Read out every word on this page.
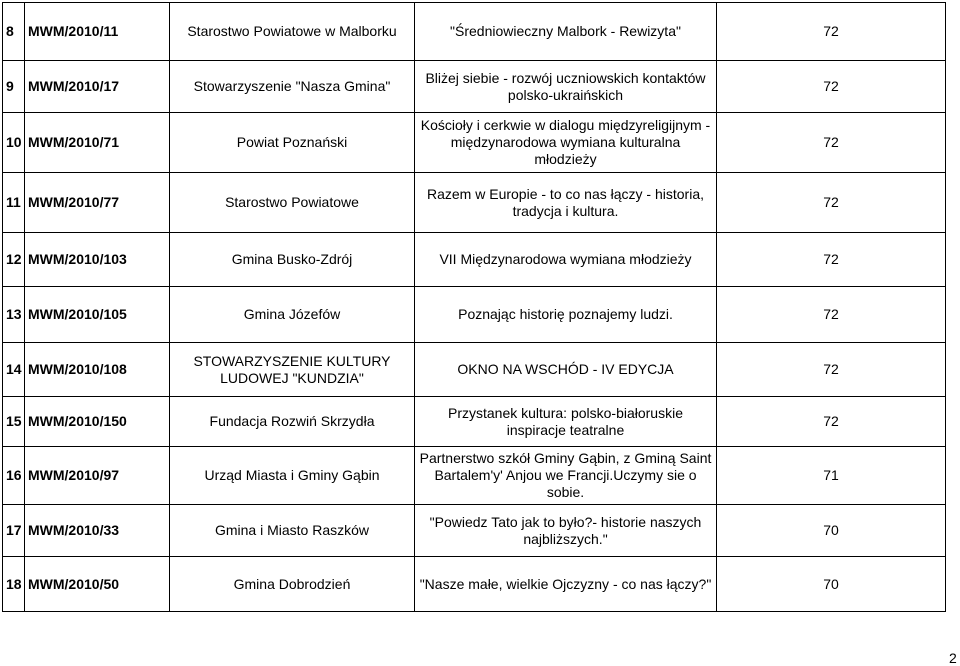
8	MWM/2010/11	Starostwo Powiatowe w Malborku	"Średniowieczny Malbork - Rewizyta"	72
9	MWM/2010/17	Stowarzyszenie "Nasza Gmina"	Bliżej siebie - rozwój uczniowskich kontaktów polsko-ukraińskich	72
10	MWM/2010/71	Powiat Poznański	Kościoły i cerkwie w dialogu międzyreligijnym - międzynarodowa wymiana kulturalna młodzieży	72
11	MWM/2010/77	Starostwo Powiatowe	Razem w Europie - to co nas łączy - historia, tradycja i kultura.	72
12	MWM/2010/103	Gmina Busko-Zdrój	VII Międzynarodowa wymiana młodzieży	72
13	MWM/2010/105	Gmina Józefów	Poznając historię poznajemy ludzi.	72
14	MWM/2010/108	STOWARZYSZENIE KULTURY LUDOWEJ "KUNDZIA"	OKNO NA WSCHÓD - IV EDYCJA	72
15	MWM/2010/150	Fundacja Rozwiń Skrzydła	Przystanek kultura: polsko-białoruskie inspiracje teatralne	72
16	MWM/2010/97	Urząd Miasta i Gminy Gąbin	Partnerstwo szkół Gminy Gąbin, z Gminą Saint Bartalem'y' Anjou we Francji.Uczymy sie o sobie.	71
17	MWM/2010/33	Gmina i Miasto Raszków	"Powiedz Tato jak to było?- historie naszych najbliższych."	70
18	MWM/2010/50	Gmina Dobrodzień	"Nasze małe, wielkie Ojczyzny - co nas łączy?"	70
2
